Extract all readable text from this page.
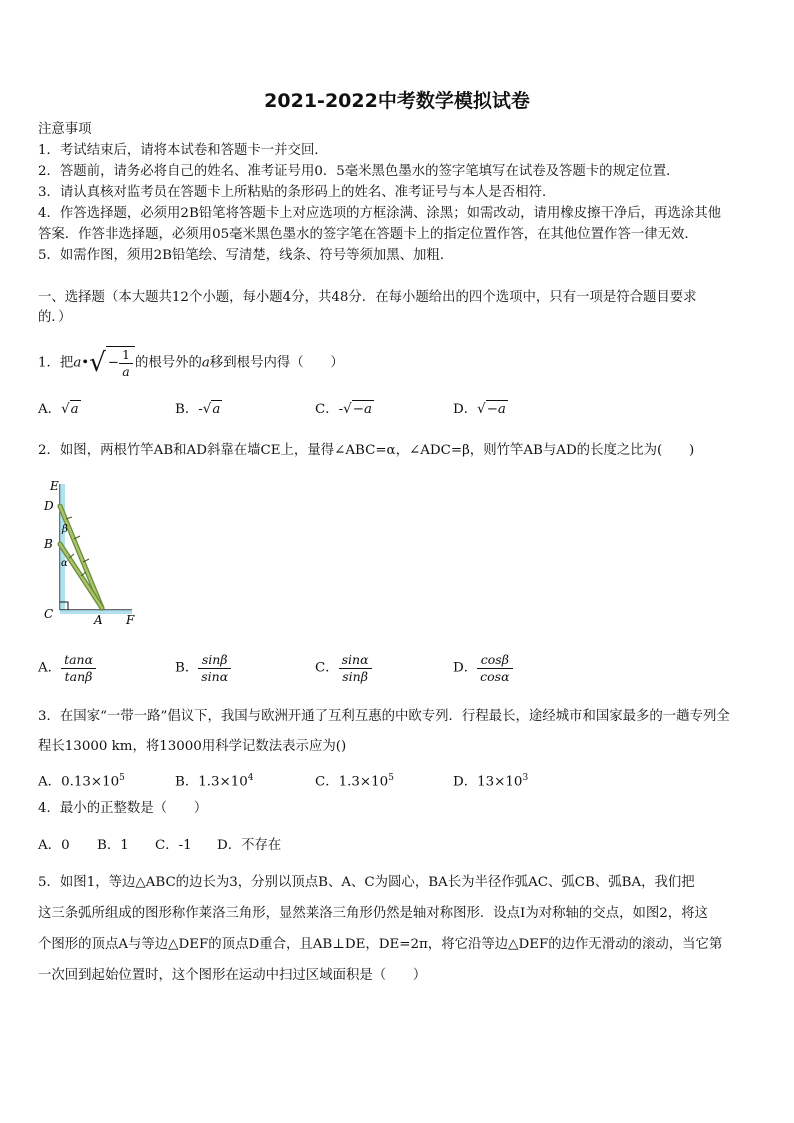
2021-2022中考数学模拟试卷
注意事项
1．考试结束后，请将本试卷和答题卡一并交回．
2．答题前，请务必将自己的姓名、准考证号用0．5毫米黑色墨水的签字笔填写在试卷及答题卡的规定位置．
3．请认真核对监考员在答题卡上所粘贴的条形码上的姓名、准考证号与本人是否相符．
4．作答选择题，必须用2B铅笔将答题卡上对应选项的方框涂满、涂黑；如需改动，请用橡皮擦干净后，再选涂其他
答案．作答非选择题，必须用05毫米黑色墨水的签字笔在答题卡上的指定位置作答，在其他位置作答一律无效．
5．如需作图，须用2B铅笔绘、写清楚，线条、符号等须加黑、加粗．
一、选择题（本大题共12个小题，每小题4分，共48分．在每小题给出的四个选项中，只有一项是符合题目要求
的．）
1．把a•√ − $\frac{1}{a}$ 的根号外的a移到根号内得（　　）
A．√a	B．-√a	C．-√−a	D．√−a
2．如图，两根竹竿AB和AD斜靠在墙CE上，量得∠ABC=α，∠ADC=β，则竹竿AB与AD的长度之比为(　　)
E
D
B
C	A F
β
α
A． $\frac{\tan\alpha}{\tan\beta}$	B． $\frac{\sin\beta}{\sin\alpha}$	C． $\frac{\sin\alpha}{\sin\beta}$	D． $\frac{\cos\beta}{\cos\alpha}$
3．在国家“一带一路”倡议下，我国与欧洲开通了互利互惠的中欧专列．行程最长，途经城市和国家最多的一趟专列全
程长13000 km，将13000用科学记数法表示应为()
A．$0.13\times 10^5$	B．$1.3\times 10^4$	C．$1.3\times 10^5$	D．$13\times 10^3$
4．最小的正整数是（　　）
A．0 B．1 C．-1 D．不存在
5．如图1，等边△ABC的边长为3，分别以顶点B、A、C为圆心，BA长为半径作弧AC、弧CB、弧BA，我们把
这三条弧所组成的图形称作莱洛三角形，显然莱洛三角形仍然是轴对称图形．设点I为对称轴的交点，如图2，将这
个图形的顶点A与等边△DEF的顶点D重合，且AB⊥DE，DE=2π，将它沿等边△DEF的边作无滑动的滚动，当它第
一次回到起始位置时，这个图形在运动中扫过区域面积是（　　）
